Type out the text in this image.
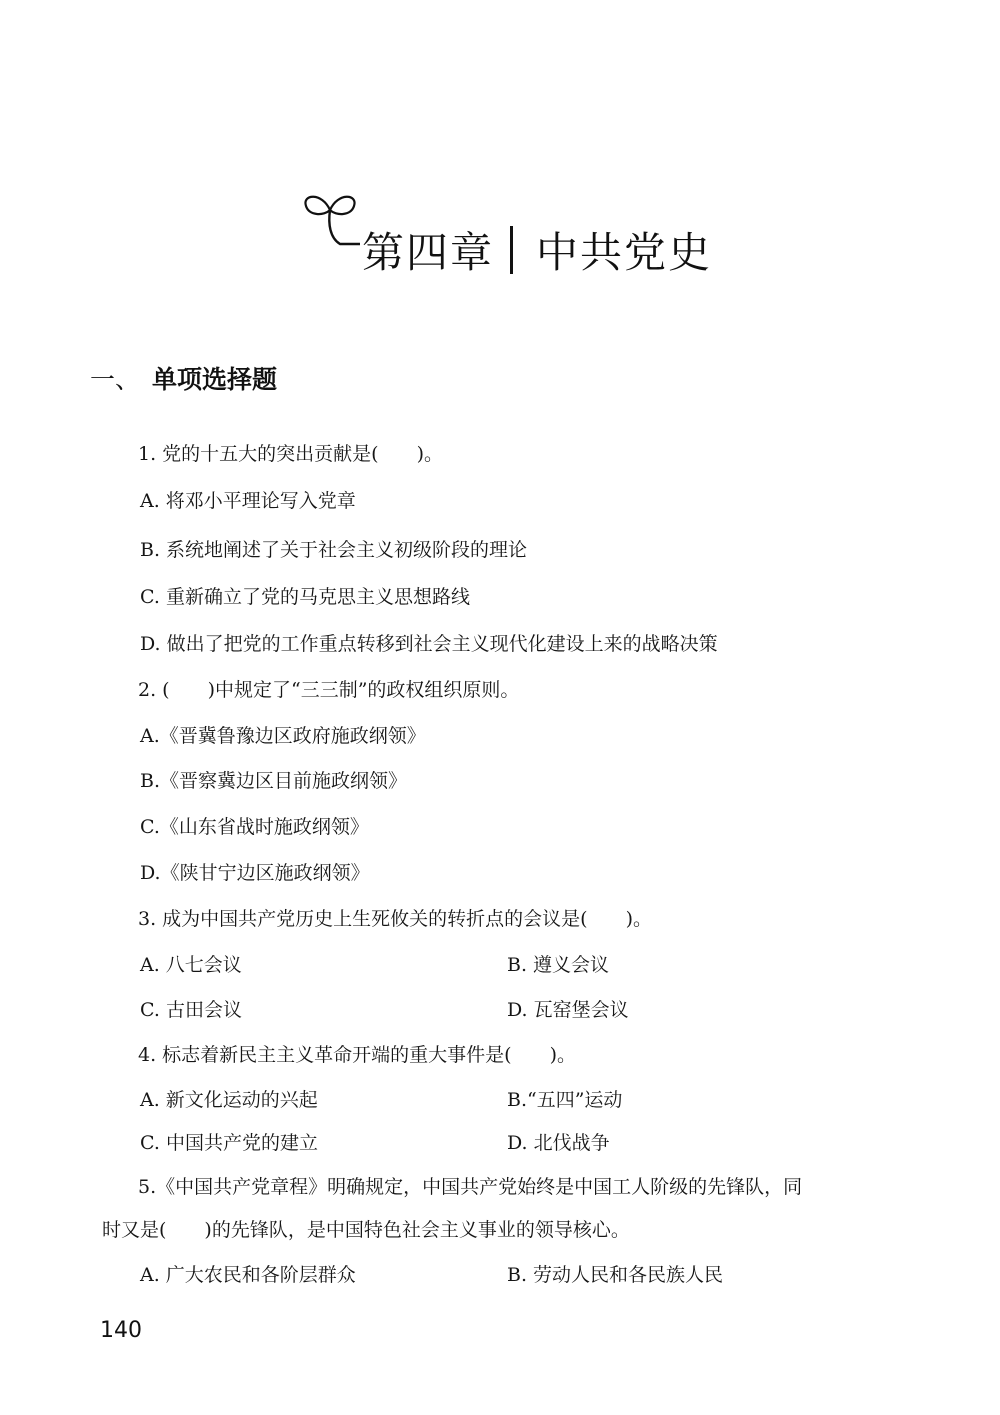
第四章 中共党史
一、 单项选择题
1. 党的十五大的突出贡献是(　　)。
A. 将邓小平理论写入党章
B. 系统地阐述了关于社会主义初级阶段的理论
C. 重新确立了党的马克思主义思想路线
D. 做出了把党的工作重点转移到社会主义现代化建设上来的战略决策
2. (　　)中规定了“三三制”的政权组织原则。
A.《晋冀鲁豫边区政府施政纲领》
B.《晋察冀边区目前施政纲领》
C.《山东省战时施政纲领》
D.《陕甘宁边区施政纲领》
3. 成为中国共产党历史上生死攸关的转折点的会议是(　　)。
A. 八七会议	B. 遵义会议
C. 古田会议	D. 瓦窑堡会议
4. 标志着新民主主义革命开端的重大事件是(　　)。
A. 新文化运动的兴起	B.“五四”运动
C. 中国共产党的建立	D. 北伐战争
5.《中国共产党章程》明确规定，中国共产党始终是中国工人阶级的先锋队，同
时又是(　　)的先锋队，是中国特色社会主义事业的领导核心。
A. 广大农民和各阶层群众	B. 劳动人民和各民族人民
140
